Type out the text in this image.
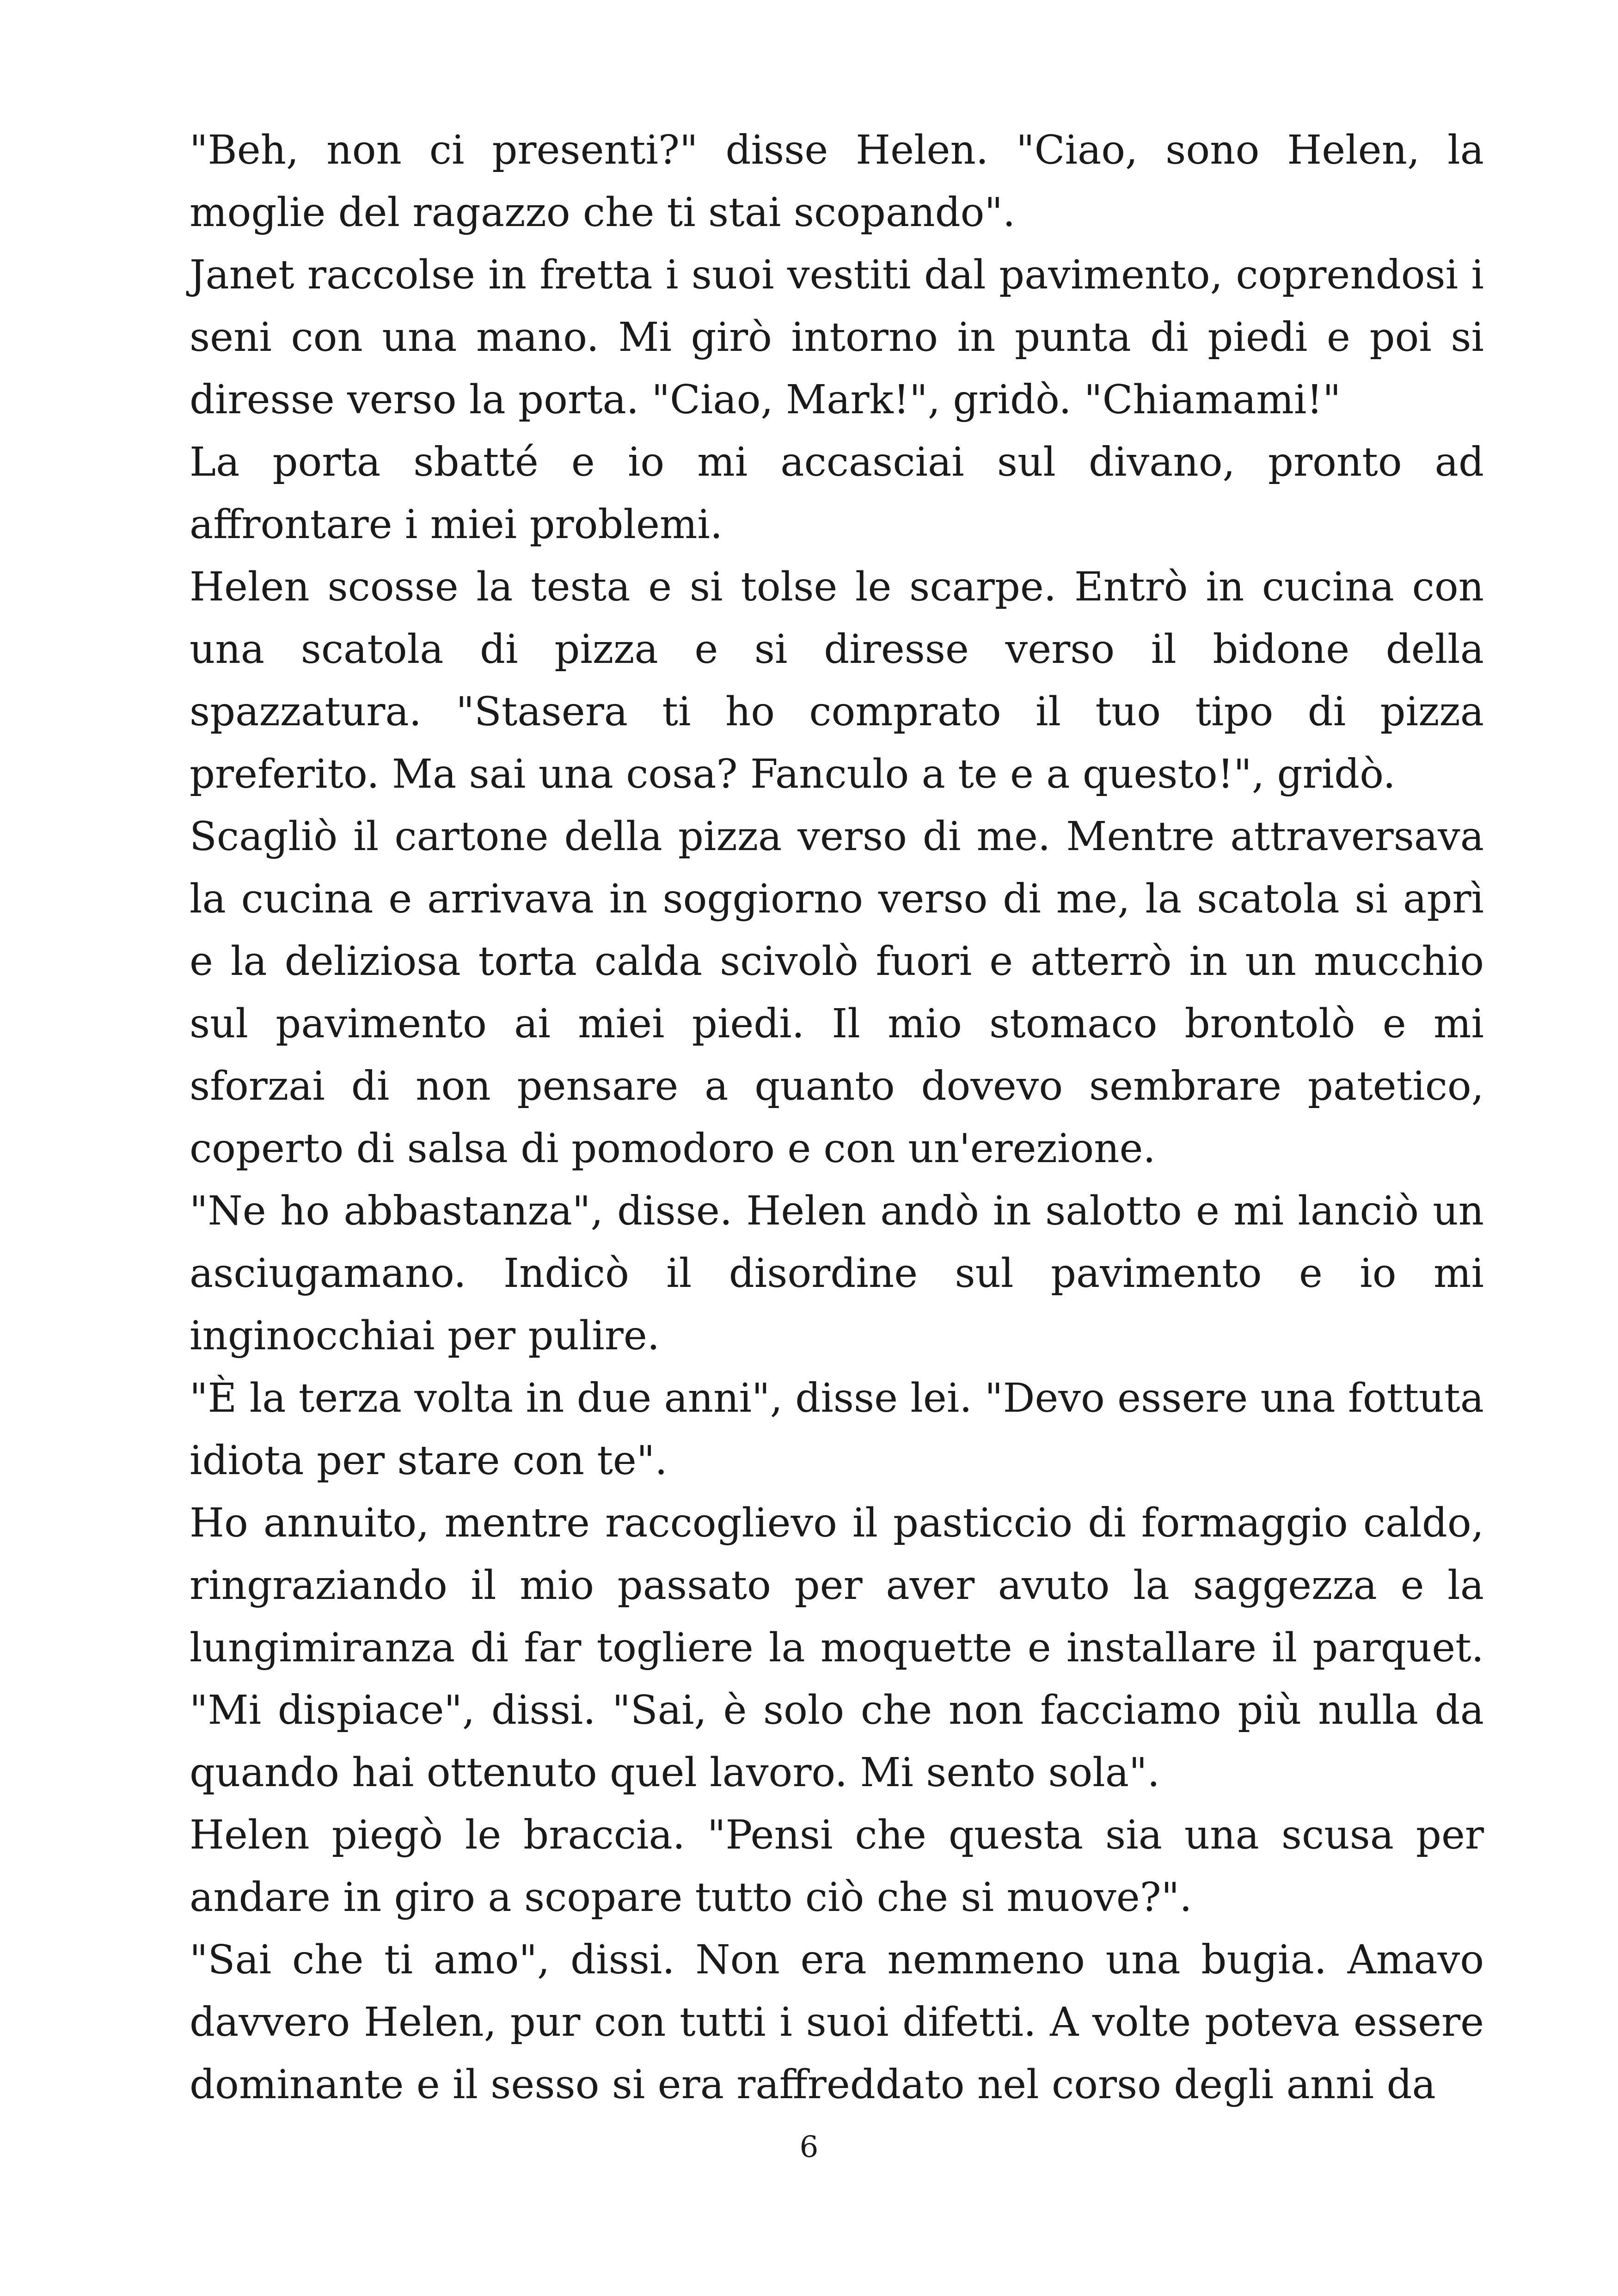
"Beh, non ci presenti?" disse Helen. "Ciao, sono Helen, la moglie del ragazzo che ti stai scopando".

Janet raccolse in fretta i suoi vestiti dal pavimento, coprendosi i seni con una mano. Mi girò intorno in punta di piedi e poi si diresse verso la porta. "Ciao, Mark!", gridò. "Chiamami!"

La porta sbatté e io mi accasciai sul divano, pronto ad affrontare i miei problemi.

Helen scosse la testa e si tolse le scarpe. Entrò in cucina con una scatola di pizza e si diresse verso il bidone della spazzatura. "Stasera ti ho comprato il tuo tipo di pizza preferito. Ma sai una cosa? Fanculo a te e a questo!", gridò.

Scagliò il cartone della pizza verso di me. Mentre attraversava la cucina e arrivava in soggiorno verso di me, la scatola si aprì e la deliziosa torta calda scivolò fuori e atterrò in un mucchio sul pavimento ai miei piedi. Il mio stomaco brontolò e mi sforzai di non pensare a quanto dovevo sembrare patetico, coperto di salsa di pomodoro e con un'erezione.

"Ne ho abbastanza", disse. Helen andò in salotto e mi lanciò un asciugamano. Indicò il disordine sul pavimento e io mi inginocchiai per pulire.

"È la terza volta in due anni", disse lei. "Devo essere una fottuta idiota per stare con te".

Ho annuito, mentre raccoglievo il pasticcio di formaggio caldo, ringraziando il mio passato per aver avuto la saggezza e la lungimiranza di far togliere la moquette e installare il parquet. "Mi dispiace", dissi. "Sai, è solo che non facciamo più nulla da quando hai ottenuto quel lavoro. Mi sento sola".

Helen piegò le braccia. "Pensi che questa sia una scusa per andare in giro a scopare tutto ciò che si muove?".

"Sai che ti amo", dissi. Non era nemmeno una bugia. Amavo davvero Helen, pur con tutti i suoi difetti. A volte poteva essere dominante e il sesso si era raffreddato nel corso degli anni da

6
